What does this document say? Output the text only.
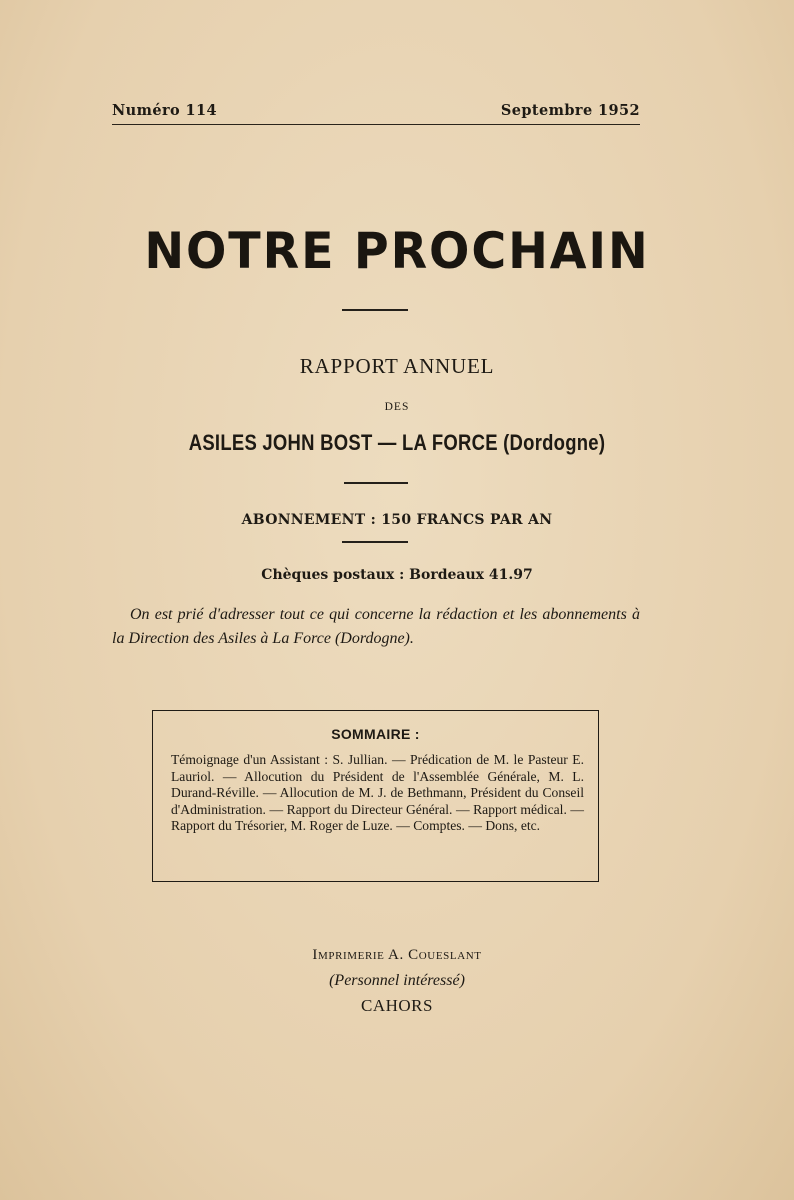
Numéro 114	Septembre 1952
NOTRE PROCHAIN
RAPPORT ANNUEL
DES
ASILES JOHN BOST — LA FORCE (Dordogne)
ABONNEMENT : 150 FRANCS PAR AN
Chèques postaux : Bordeaux 41.97
On est prié d'adresser tout ce qui concerne la rédaction et les abonnements à la Direction des Asiles à La Force (Dordogne).
SOMMAIRE :
Témoignage d'un Assistant : S. Jullian. — Prédication de M. le Pasteur E. Lauriol. — Allocution du Président de l'Assemblée Générale, M. L. Durand-Réville. — Allocution de M. J. de Bethmann, Président du Conseil d'Administration. — Rapport du Directeur Général. — Rapport médical. — Rapport du Trésorier, M. Roger de Luze. — Comptes. — Dons, etc.
Imprimerie A. Coueslant
(Personnel intéressé)
CAHORS
